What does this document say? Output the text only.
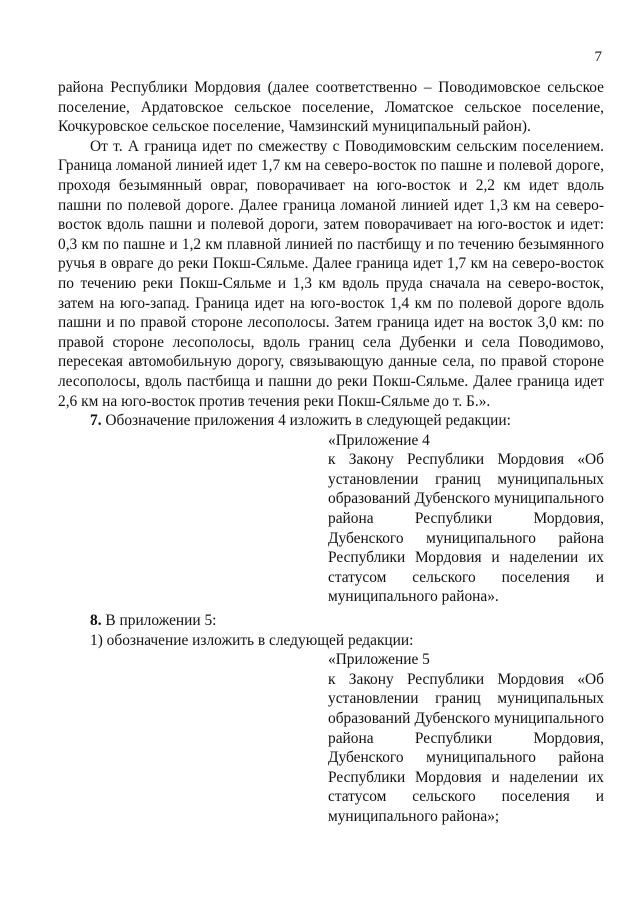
7

района Республики Мордовия (далее соответственно – Поводимовское сельское поселение, Ардатовское сельское поселение, Ломатское сельское поселение, Кочкуровское сельское поселение, Чамзинский муниципальный район).

От т. А граница идет по смежеству с Поводимовским сельским поселением. Граница ломаной линией идет 1,7 км на северо-восток по пашне и полевой дороге, проходя безымянный овраг, поворачивает на юго-восток и 2,2 км идет вдоль пашни по полевой дороге. Далее граница ломаной линией идет 1,3 км на северо-восток вдоль пашни и полевой дороги, затем поворачивает на юго-восток и идет: 0,3 км по пашне и 1,2 км плавной линией по пастбищу и по течению безымянного ручья в овраге до реки Покш-Сяльме. Далее граница идет 1,7 км на северо-восток по течению реки Покш-Сяльме и 1,3 км вдоль пруда сначала на северо-восток, затем на юго-запад. Граница идет на юго-восток 1,4 км по полевой дороге вдоль пашни и по правой стороне лесополосы. Затем граница идет на восток 3,0 км: по правой стороне лесополосы, вдоль границ села Дубенки и села Поводимово, пересекая автомобильную дорогу, связывающую данные села, по правой стороне лесополосы, вдоль пастбища и пашни до реки Покш-Сяльме. Далее граница идет 2,6 км на юго-восток против течения реки Покш-Сяльме до т. Б.».

7. Обозначение приложения 4 изложить в следующей редакции:

«Приложение 4
к Закону Республики Мордовия «Об установлении границ муниципальных образований Дубенского муниципального района Республики Мордовия, Дубенского муниципального района Республики Мордовия и наделении их статусом сельского поселения и муниципального района».

8. В приложении 5:

1) обозначение изложить в следующей редакции:

«Приложение 5
к Закону Республики Мордовия «Об установлении границ муниципальных образований Дубенского муниципального района Республики Мордовия, Дубенского муниципального района Республики Мордовия и наделении их статусом сельского поселения и муниципального района»;
